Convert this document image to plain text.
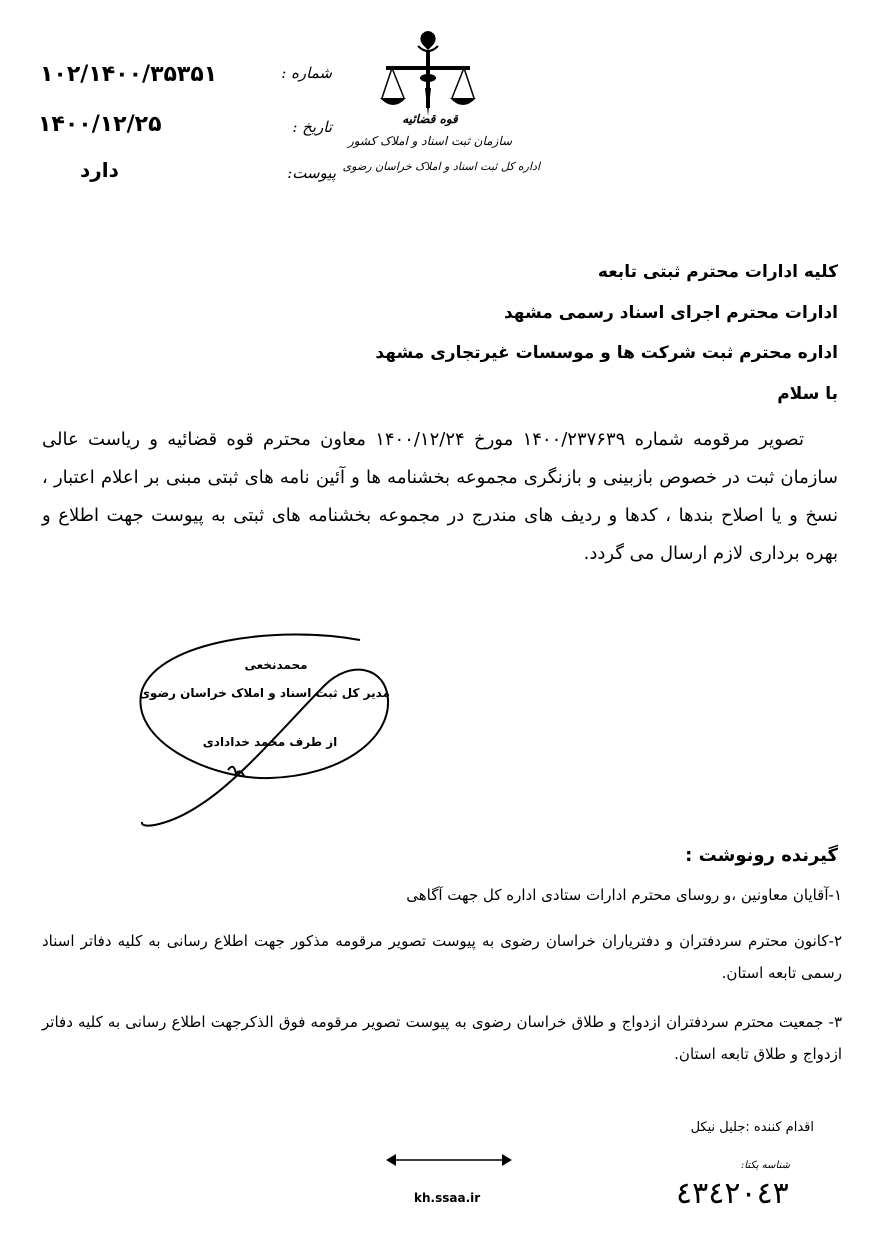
۱۰۲/۱۴۰۰/۳۵۳۵۱	شماره :
۱۴۰۰/۱۲/۲۵	تاریخ :
دارد	پیوست:
قوه قضائیه
سازمان ثبت اسناد و املاک کشور
اداره کل ثبت اسناد و املاک خراسان رضوی
کلیه ادارات محترم ثبتی تابعه
ادارات محترم اجرای اسناد رسمی مشهد
اداره محترم ثبت شرکت ها و موسسات غیرتجاری مشهد
با سلام
تصویر مرقومه شماره ۱۴۰۰/۲۳۷۶۳۹ مورخ ۱۴۰۰/۱۲/۲۴ معاون محترم قوه قضائیه و ریاست عالی سازمان ثبت در خصوص بازبینی و بازنگری مجموعه بخشنامه ها و آئین نامه های ثبتی مبنی بر اعلام اعتبار ، نسخ و یا اصلاح بندها ، کدها و ردیف های مندرج در مجموعه بخشنامه های ثبتی به پیوست جهت اطلاع و بهره برداری لازم ارسال می گردد.
محمدنخعی
مدیر کل ثبت اسناد و املاک خراسان رضوی
از طرف محمد خدادادی
گیرنده رونوشت :
۱-آقایان معاونین ،و روسای محترم ادارات ستادی اداره کل جهت آگاهی
۲-کانون محترم سردفتران و دفتریاران خراسان رضوی به پیوست تصویر مرقومه مذکور جهت اطلاع رسانی به کلیه دفاتر اسناد رسمی تابعه استان.
۳- جمعیت محترم سردفتران ازدواج و طلاق خراسان رضوی به پیوست تصویر مرقومه فوق الذکرجهت اطلاع رسانی به کلیه دفاتر ازدواج و طلاق تابعه استان.
اقدام کننده :جلیل نیکل
شناسه یکتا:
٤٣٤٢٠٤٣
kh.ssaa.ir
